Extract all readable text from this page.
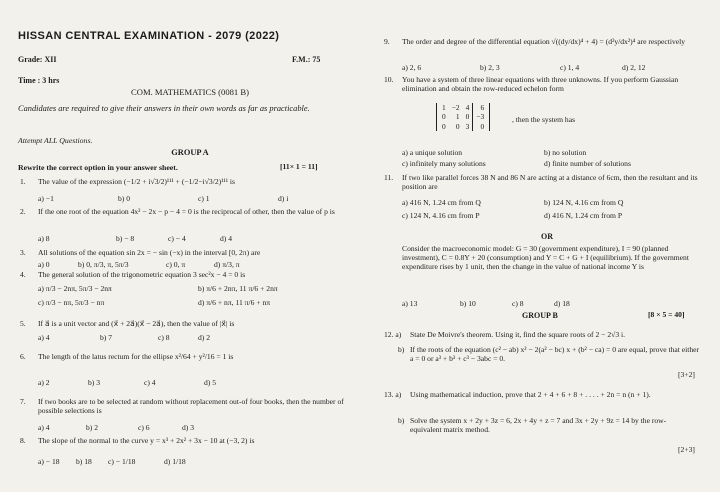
HISSAN CENTRAL EXAMINATION - 2079 (2022)
Grade: XII	F.M.: 75
Time : 3 hrs
COM. MATHEMATICS (0081 B)
Candidates are required to give their answers in their own words as far as practicable.
Attempt ALL Questions.
GROUP A
Rewrite the correct option in your answer sheet.	[11× 1 = 11]
1. The value of the expression (−1/2 + i√3/2)¹¹¹ + (−1/2−i√3/2)¹¹¹ is
a) −1	b) 0	c) 1	d) i
2. If the one root of the equation 4x² − 2x − p − 4 = 0 is the reciprocal of other, then the value of p is
a) 8	b) − 8	c) − 4	d) 4
3. All solutions of the equation sin 2x = − sin (−x) in the interval [0, 2π) are
a) 0	b) 0, π/3, π, 5π/3	c) 0, π	d) π/3, π
4. The general solution of the trigonometric equation 3 sec²x − 4 = 0 is
a) π/3 − 2nπ, 5π/3 − 2nπ	b) π/6 + 2nπ, 11 π/6 + 2nπ
c) π/3 − nπ, 5π/3 − nπ	d) π/6 + nπ, 11 π/6 + nπ
5. If a⃗ is a unit vector and (x⃗ + 2a⃗)(x⃗ − 2a⃗), then the value of |x⃗| is
a) 4	b) 7	c) 8	d) 2
6. The length of the latus rectum for the ellipse x²/64 + y²/16 = 1 is
a) 2	b) 3	c) 4	d) 5
7. If two books are to be selected at random without replacement out-of four books, then the number of possible selections is
a) 4	b) 2	c) 6	d) 3
8. The slope of the normal to the curve y = x³ + 2x² + 3x − 10 at (−3, 2) is
a) − 18 b) 18 c) − 1/18	d) 1/18
9. The order and degree of the differential equation √((dy/dx)⁴ + 4) = (d²y/dx²)⁴ are respectively
a) 2, 6	b) 2, 3	c) 1, 4	d) 2, 12
10. You have a system of three linear equations with three unknowns. If you perform Gaussian elimination and obtain the row-reduced echelon form
1	−2	4	6
0	1	0	−3
0	0	3	0
, then the system has
a) a unique solution	b) no solution
c) infinitely many solutions	d) finite number of solutions
11. If two like parallel forces 38 N and 86 N are acting at a distance of 6cm, then the resultant and its position are
a) 416 N, 1.24 cm from Q	b) 124 N, 4.16 cm from Q
c) 124 N, 4.16 cm from P	d) 416 N, 1.24 cm from P
OR
Consider the macroeconomic model: G = 30 (government expenditure), I = 90 (planned investment), C = 0.8Y + 20 (consumption) and Y = C + G + I (equilibrium). If the government expenditure rises by 1 unit, then the change in the value of national income Y is
a) 13	b) 10	c) 8	d) 18
GROUP B	[8 × 5 = 40]
12. a) State De Moivre's theorem. Using it, find the square roots of 2 − 2√3 i.
b) If the roots of the equation (c² − ab) x² − 2(a² − bc) x + (b² − ca) = 0 are equal, prove that either a = 0 or a³ + b³ + c³ − 3abc = 0.
[3+2]
13. a) Using mathematical induction, prove that 2 + 4 + 6 + 8 + . . . . + 2n = n (n + 1).
b) Solve the system x + 2y + 3z = 6, 2x + 4y + z = 7 and 3x + 2y + 9z = 14 by the row-equivalent matrix method.
[2+3]
